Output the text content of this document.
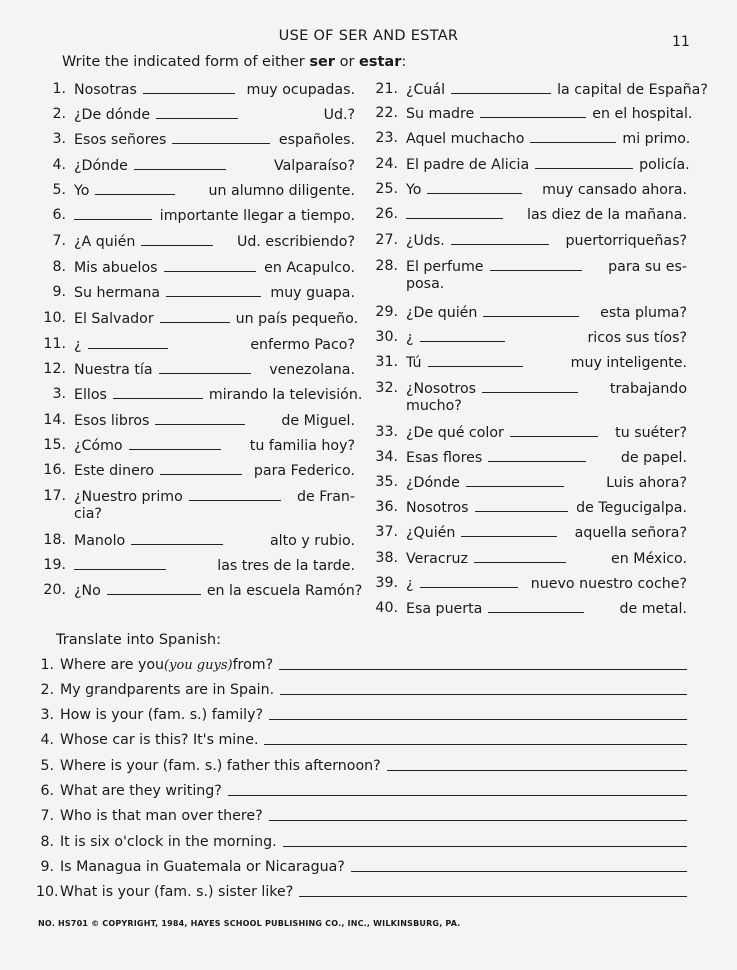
USE OF SER AND ESTAR	11
Write the indicated form of either ser or estar:
1. Nosotras	muy ocupadas.
2. ¿De dónde	Ud.?
3. Esos señores	españoles.
4. ¿Dónde	Valparaíso?
5. Yo	un alumno diligente.
6.	importante llegar a tiempo.
7. ¿A quién	Ud. escribiendo?
8. Mis abuelos	en Acapulco.
9. Su hermana	muy guapa.
10. El Salvador	un país pequeño.
11. ¿	enfermo Paco?
12. Nuestra tía	venezolana.
3. Ellos	mirando la televisión.
14. Esos libros	de Miguel.
15. ¿Cómo	tu familia hoy?
16. Este dinero	para Federico.
17. ¿Nuestro primo	de Fran-
cia?
18. Manolo	alto y rubio.
19.	las tres de la tarde.
20. ¿No	en la escuela Ramón?
21. ¿Cuál	la capital de España?
22. Su madre	en el hospital.
23. Aquel muchacho	mi primo.
24. El padre de Alicia	policía.
25. Yo	muy cansado ahora.
26.	las diez de la mañana.
27. ¿Uds.	puertorriqueñas?
28. El perfume	para su es-
posa.
29. ¿De quién	esta pluma?
30. ¿	ricos sus tíos?
31. Tú	muy inteligente.
32. ¿Nosotros	trabajando
mucho?
33. ¿De qué color	tu suéter?
34. Esas flores	de papel.
35. ¿Dónde	Luis ahora?
36. Nosotros	de Tegucigalpa.
37. ¿Quién	aquella señora?
38. Veracruz	en México.
39. ¿	nuevo nuestro coche?
40. Esa puerta	de metal.
Translate into Spanish:
1. Where are you (you guys) from?
2. My grandparents are in Spain.
3. How is your (fam. s.) family?
4. Whose car is this? It's mine.
5. Where is your (fam. s.) father this afternoon?
6. What are they writing?
7. Who is that man over there?
8. It is six o'clock in the morning.
9. Is Managua in Guatemala or Nicaragua?
10. What is your (fam. s.) sister like?
NO. HS701 © COPYRIGHT, 1984, HAYES SCHOOL PUBLISHING CO., INC., WILKINSBURG, PA.
